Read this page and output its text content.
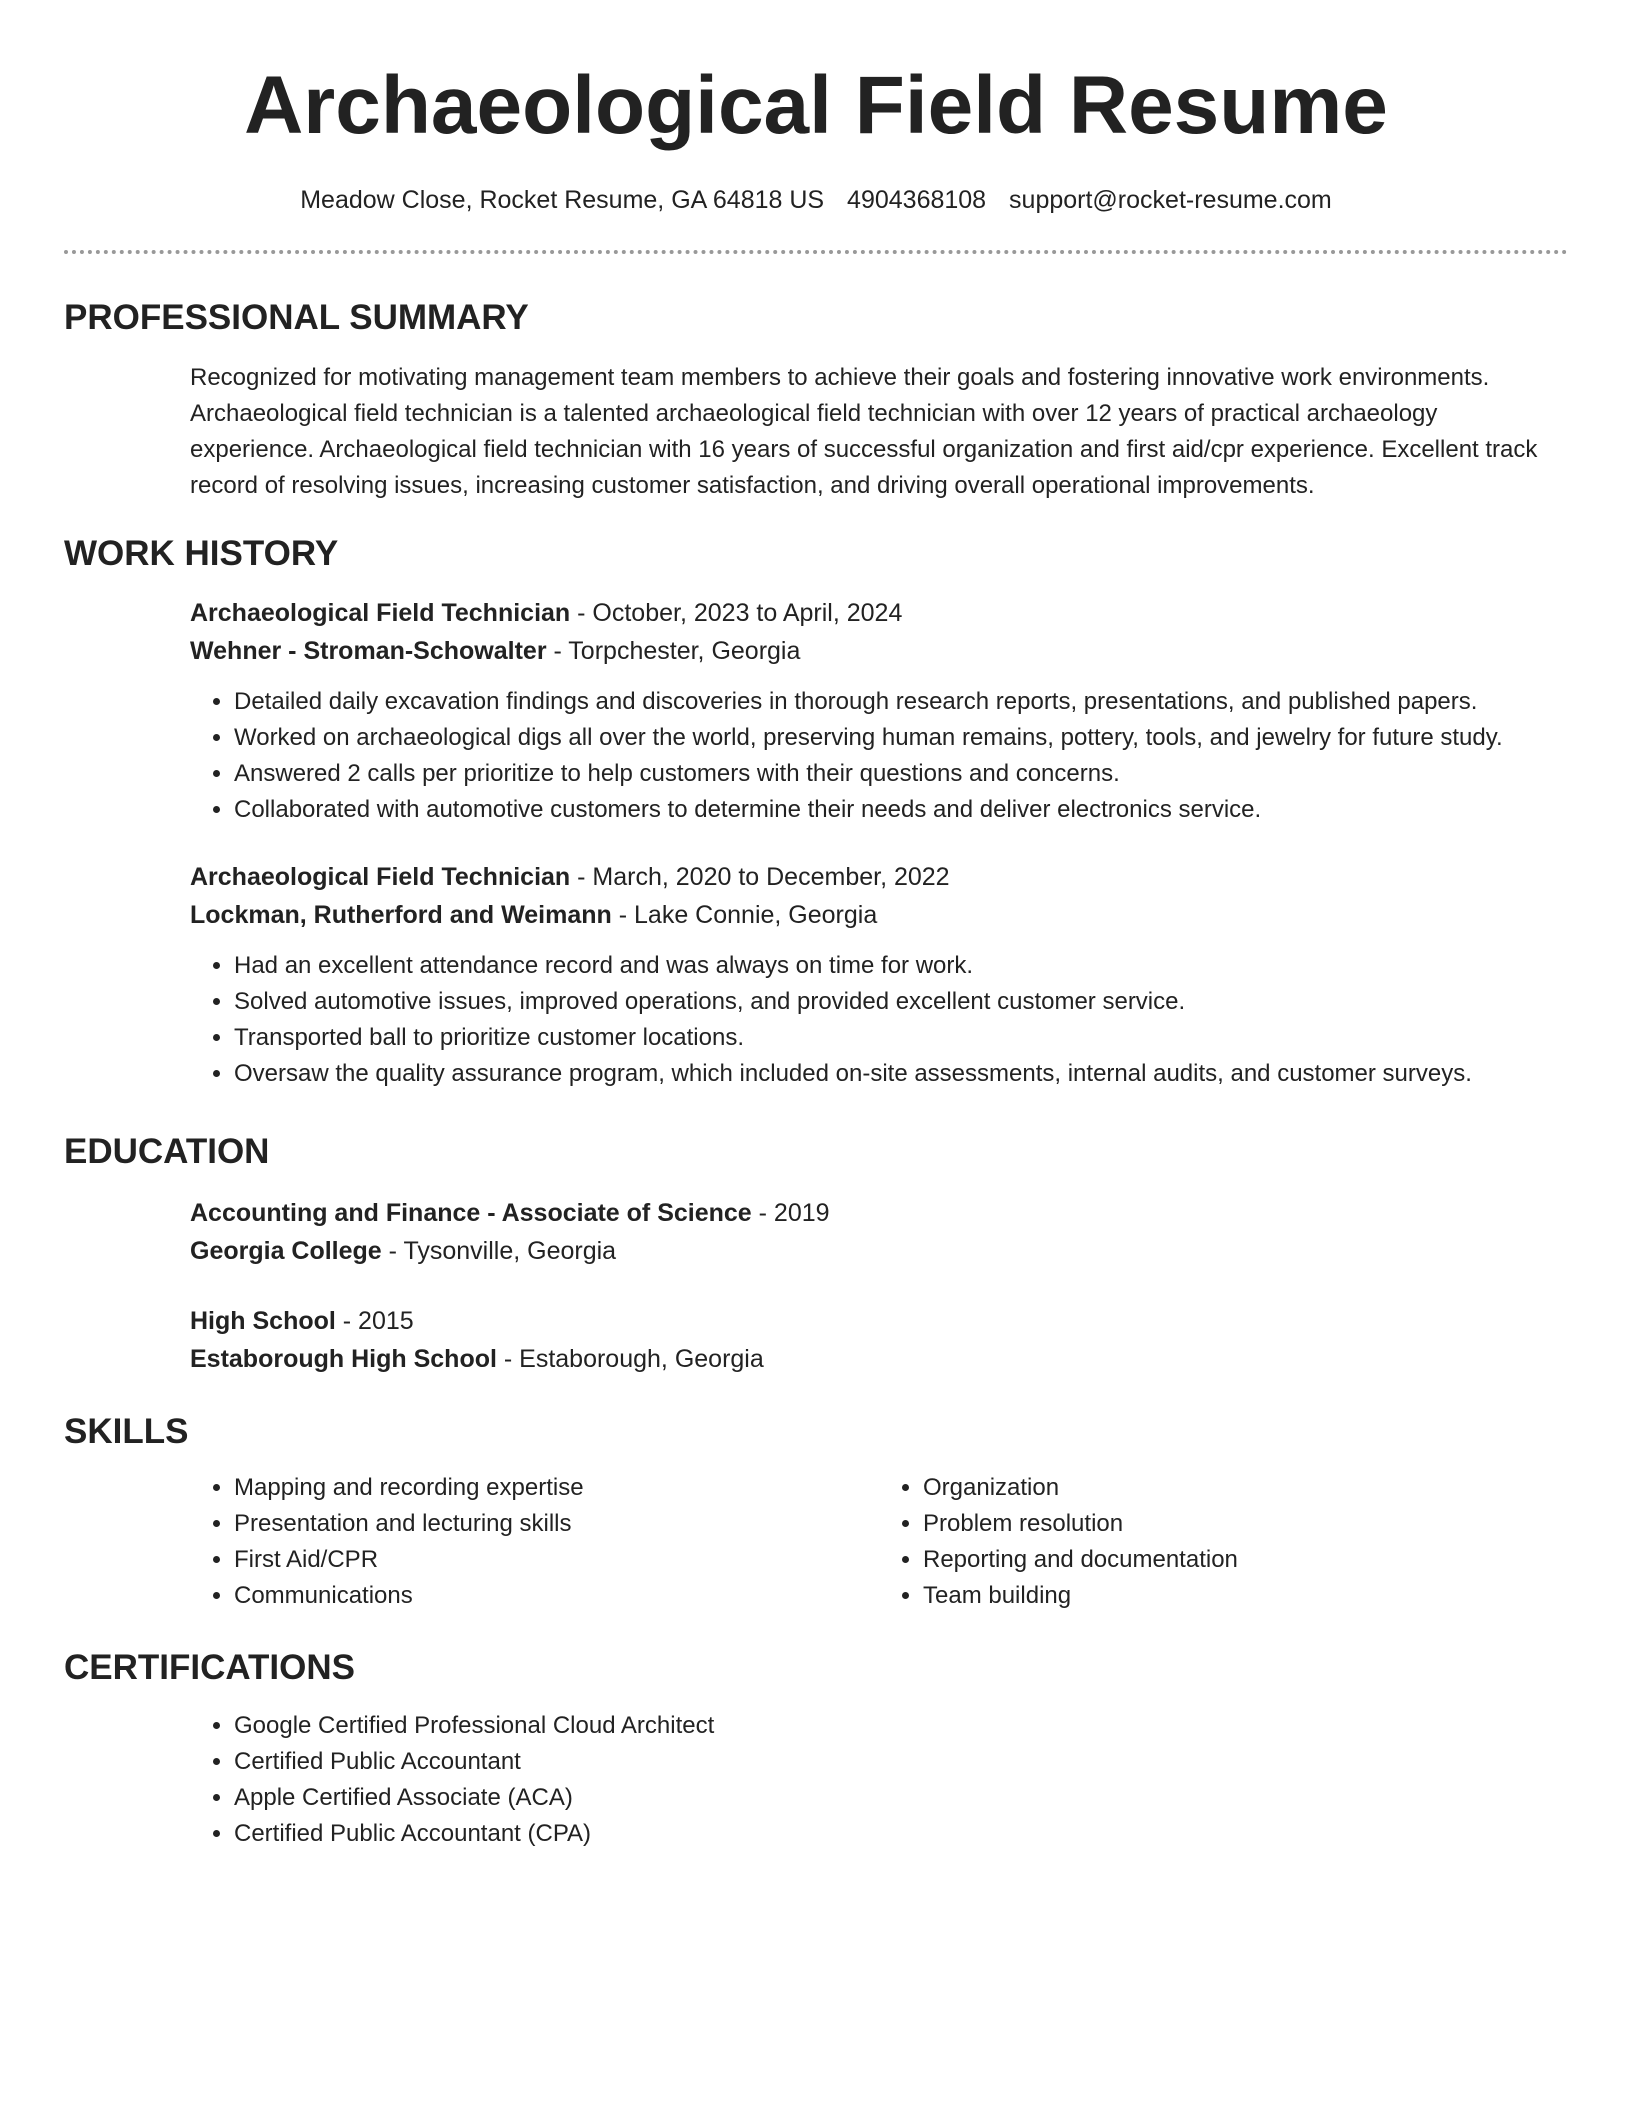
Archaeological Field Resume
Meadow Close, Rocket Resume, GA 64818 US 4904368108 support@rocket-resume.com
PROFESSIONAL SUMMARY
Recognized for motivating management team members to achieve their goals and fostering innovative work environments. Archaeological field technician is a talented archaeological field technician with over 12 years of practical archaeology experience. Archaeological field technician with 16 years of successful organization and first aid/cpr experience. Excellent track record of resolving issues, increasing customer satisfaction, and driving overall operational improvements.
WORK HISTORY
Archaeological Field Technician - October, 2023 to April, 2024
Wehner - Stroman-Schowalter - Torpchester, Georgia
• Detailed daily excavation findings and discoveries in thorough research reports, presentations, and published papers.
• Worked on archaeological digs all over the world, preserving human remains, pottery, tools, and jewelry for future study.
• Answered 2 calls per prioritize to help customers with their questions and concerns.
• Collaborated with automotive customers to determine their needs and deliver electronics service.
Archaeological Field Technician - March, 2020 to December, 2022
Lockman, Rutherford and Weimann - Lake Connie, Georgia
• Had an excellent attendance record and was always on time for work.
• Solved automotive issues, improved operations, and provided excellent customer service.
• Transported ball to prioritize customer locations.
• Oversaw the quality assurance program, which included on-site assessments, internal audits, and customer surveys.
EDUCATION
Accounting and Finance - Associate of Science - 2019
Georgia College - Tysonville, Georgia
High School - 2015
Estaborough High School - Estaborough, Georgia
SKILLS
• Mapping and recording expertise
• Presentation and lecturing skills
• First Aid/CPR
• Communications
• Organization
• Problem resolution
• Reporting and documentation
• Team building
CERTIFICATIONS
• Google Certified Professional Cloud Architect
• Certified Public Accountant
• Apple Certified Associate (ACA)
• Certified Public Accountant (CPA)
